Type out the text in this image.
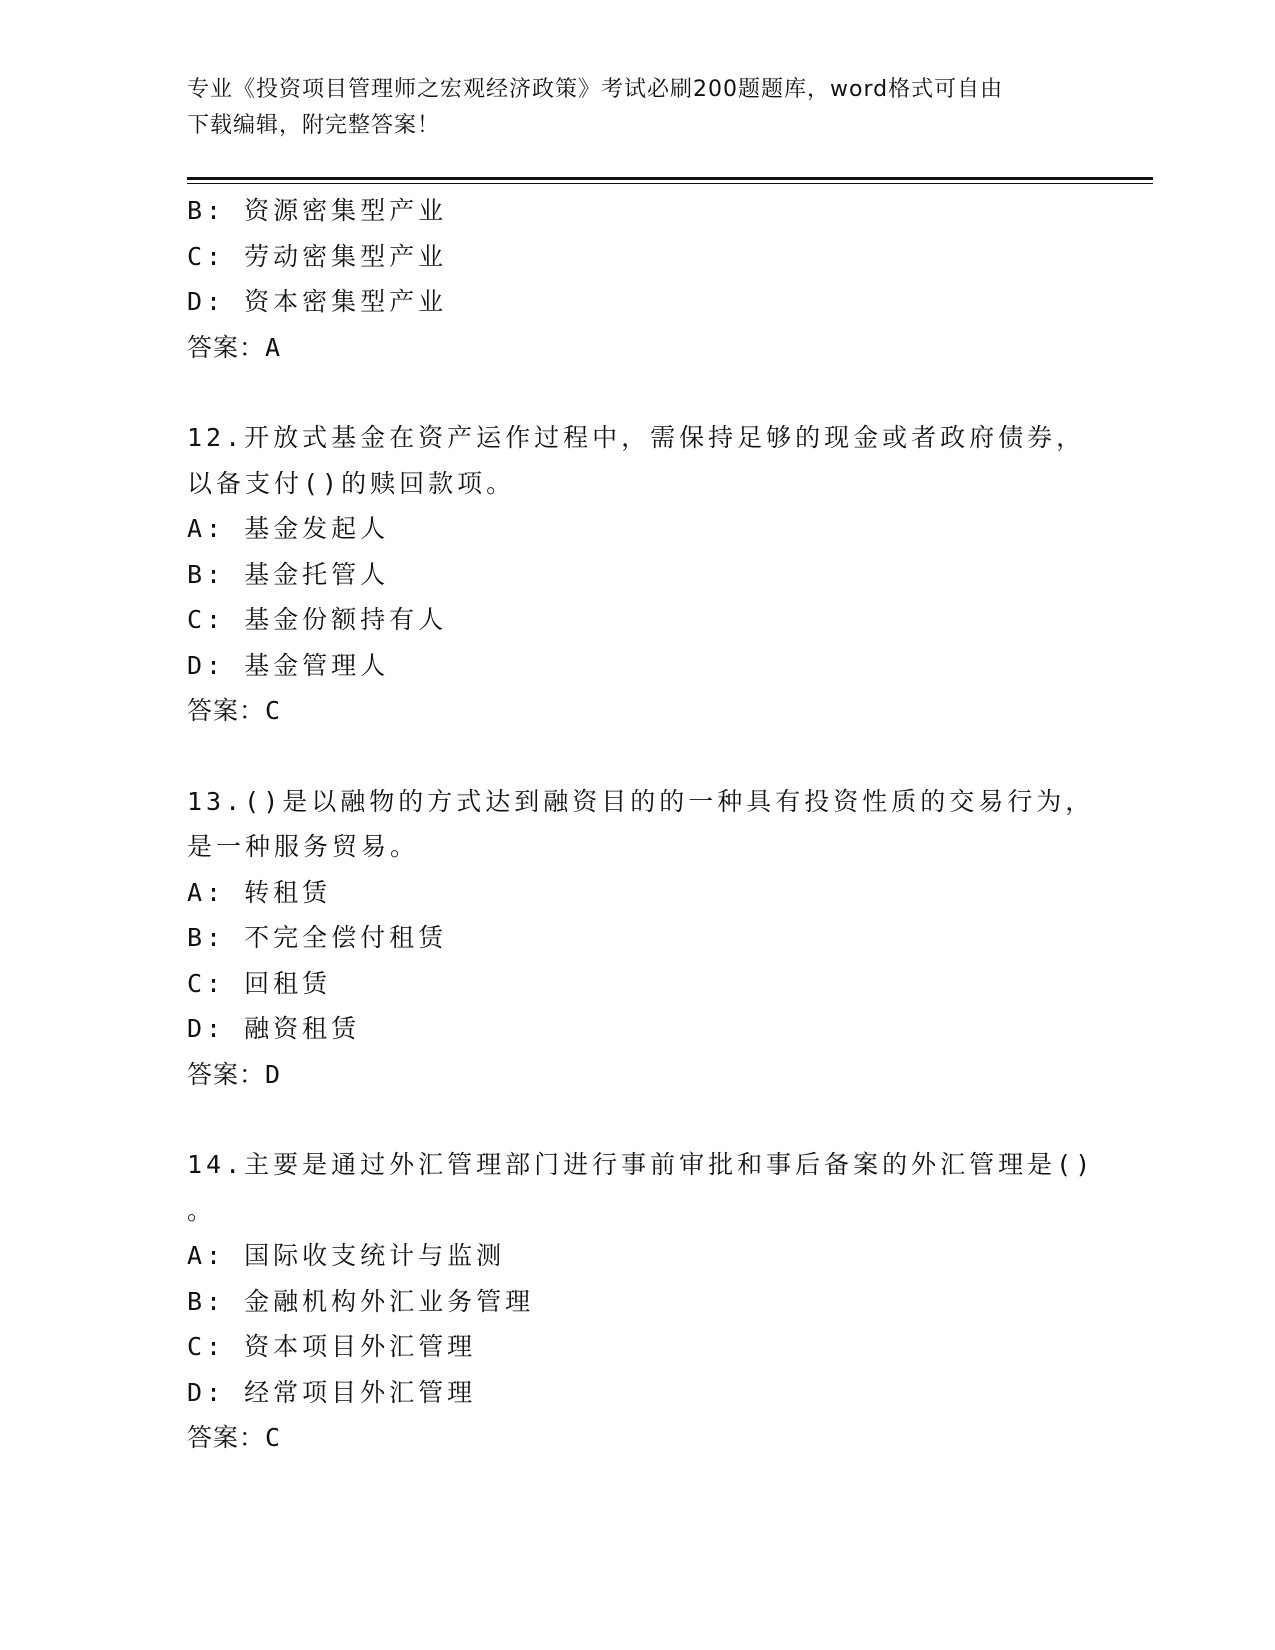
专业《投资项目管理师之宏观经济政策》考试必刷200题题库，word格式可自由
下载编辑，附完整答案！
B: 资源密集型产业
C: 劳动密集型产业
D: 资本密集型产业
答案：A
12.开放式基金在资产运作过程中，需保持足够的现金或者政府债券，
以备支付()的赎回款项。
A: 基金发起人
B: 基金托管人
C: 基金份额持有人
D: 基金管理人
答案：C
13.()是以融物的方式达到融资目的的一种具有投资性质的交易行为，
是一种服务贸易。
A: 转租赁
B: 不完全偿付租赁
C: 回租赁
D: 融资租赁
答案：D
14.主要是通过外汇管理部门进行事前审批和事后备案的外汇管理是()
。
A: 国际收支统计与监测
B: 金融机构外汇业务管理
C: 资本项目外汇管理
D: 经常项目外汇管理
答案：C
